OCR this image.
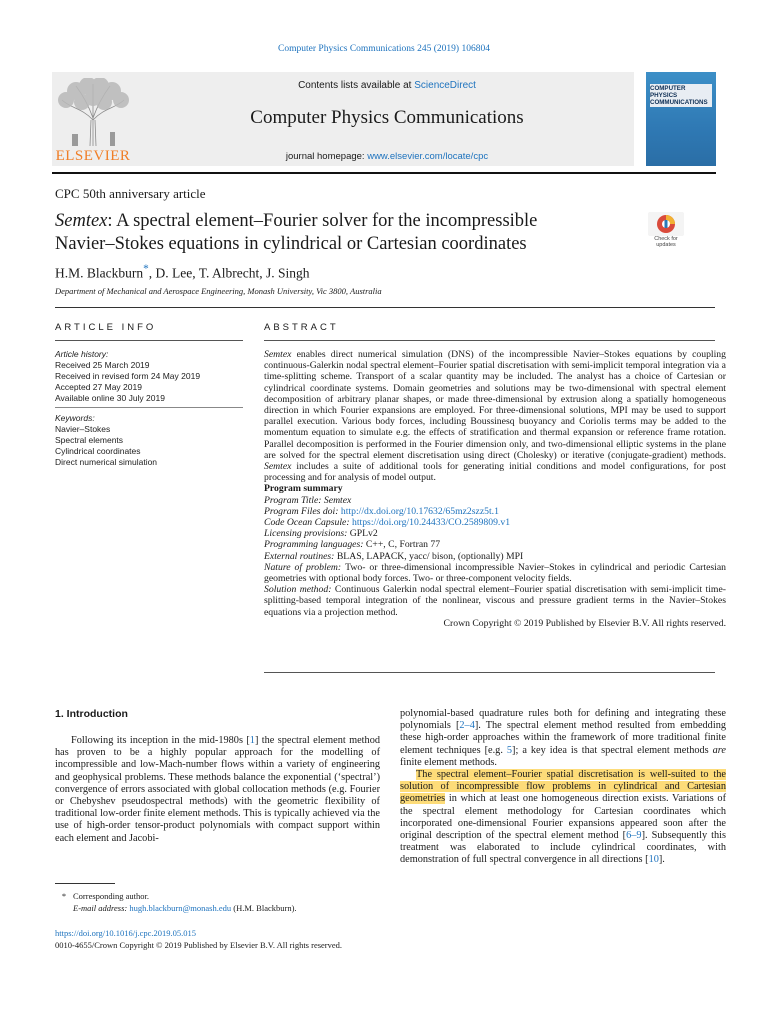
Computer Physics Communications 245 (2019) 106804
ELSEVIER
Contents lists available at ScienceDirect
Computer Physics Communications
journal homepage: www.elsevier.com/locate/cpc
COMPUTER PHYSICS COMMUNICATIONS
CPC 50th anniversary article
Semtex: A spectral element–Fourier solver for the incompressible
Navier–Stokes equations in cylindrical or Cartesian coordinates	Check for updates
H.M. Blackburn*, D. Lee, T. Albrecht, J. Singh
Department of Mechanical and Aerospace Engineering, Monash University, Vic 3800, Australia
ARTICLE INFO	ABSTRACT
Article history:
Received 25 March 2019
Received in revised form 24 May 2019
Accepted 27 May 2019
Available online 30 July 2019
Keywords:
Navier–Stokes
Spectral elements
Cylindrical coordinates
Direct numerical simulation
Semtex enables direct numerical simulation (DNS) of the incompressible Navier–Stokes equations by coupling continuous-Galerkin nodal spectral element–Fourier spatial discretisation with semi-implicit temporal integration via a time-splitting scheme. Transport of a scalar quantity may be included. The analyst has a choice of Cartesian or cylindrical coordinate systems. Domain geometries and solutions may be two-dimensional with spectral element decomposition of arbitrary planar shapes, or made three-dimensional by extrusion along a spatially homogeneous direction in which Fourier expansions are employed. For three-dimensional solutions, MPI may be used to support parallel execution. Various body forces, including Boussinesq buoyancy and Coriolis terms may be added to the momentum equation to simulate e.g. the effects of stratification and thermal expansion or reference frame rotation. Parallel decomposition is performed in the Fourier dimension only, and two-dimensional elliptic systems in the plane are solved for the spectral element discretisation using direct (Cholesky) or iterative (conjugate-gradient) methods. Semtex includes a suite of additional tools for generating initial conditions and model configurations, for post processing and for analysis of model output.
Program summary
Program Title: Semtex
Program Files doi: http://dx.doi.org/10.17632/65mz2szz5t.1
Code Ocean Capsule: https://doi.org/10.24433/CO.2589809.v1
Licensing provisions: GPLv2
Programming languages: C++, C, Fortran 77
External routines: BLAS, LAPACK, yacc/ bison, (optionally) MPI
Nature of problem: Two- or three-dimensional incompressible Navier–Stokes in cylindrical and periodic Cartesian geometries with optional body forces. Two- or three-component velocity fields.
Solution method: Continuous Galerkin nodal spectral element–Fourier spatial discretisation with semi-implicit time-splitting-based temporal integration of the nonlinear, viscous and pressure gradient terms in the Navier–Stokes equations via a projection method.
Crown Copyright © 2019 Published by Elsevier B.V. All rights reserved.
1. Introduction

Following its inception in the mid-1980s [1] the spectral element method has proven to be a highly popular approach for the modelling of incompressible and low-Mach-number flows within a variety of engineering and geophysical problems. These methods balance the exponential (‘spectral’) convergence of errors associated with global collocation methods (e.g. Fourier or Chebyshev pseudospectral methods) with the geometric flexibility of traditional low-order finite element methods. This is typically achieved via the use of high-order tensor-product polynomials with compact support within each element and Jacobi-

polynomial-based quadrature rules both for defining and integrating these polynomials [2–4]. The spectral element method resulted from embedding these high-order approaches within the framework of more traditional finite element techniques [e.g. 5]; a key idea is that spectral element methods are finite element methods.

The spectral element–Fourier spatial discretisation is well-suited to the solution of incompressible flow problems in cylindrical and Cartesian geometries in which at least one homogeneous direction exists. Variations of the spectral element methodology for Cartesian coordinates which incorporated one-dimensional Fourier expansions appeared soon after the original description of the spectral element method [6–9]. Subsequently this treatment was elaborated to include cylindrical coordinates, with demonstration of full spectral convergence in all directions [10].

* Corresponding author.
E-mail address: hugh.blackburn@monash.edu (H.M. Blackburn).
https://doi.org/10.1016/j.cpc.2019.05.015
0010-4655/Crown Copyright © 2019 Published by Elsevier B.V. All rights reserved.
